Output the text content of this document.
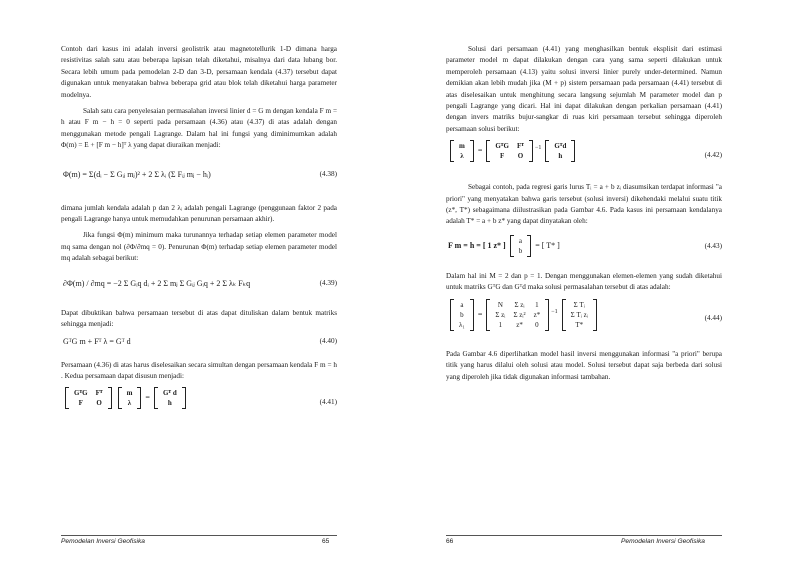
Contoh dari kasus ini adalah inversi geolistrik atau magnetotellurik 1-D dimana harga resistivitas salah satu atau beberapa lapisan telah diketahui, misalnya dari data lubang bor. Secara lebih umum pada pemodelan 2-D dan 3-D, persamaan kendala (4.37) tersebut dapat digunakan untuk menyatakan bahwa beberapa grid atau blok telah diketahui harga parameter modelnya.

Salah satu cara penyelesaian permasalahan inversi linier d = G m dengan kendala F m = h atau F m − h = 0 seperti pada persamaan (4.36) atau (4.37) di atas adalah dengan menggunakan metode pengali Lagrange. Dalam hal ini fungsi yang diminimumkan adalah Φ(m) = E + [F m − h]ᵀ λ yang dapat diuraikan menjadi:

Φ(m) = Σ(dᵢ − Σ Gᵢⱼ mⱼ)² + 2 Σ λᵢ (Σ Fᵢⱼ mⱼ − hᵢ)	(4.38)

dimana jumlah kendala adalah p dan 2 λᵢ adalah pengali Lagrange (penggunaan faktor 2 pada pengali Lagrange hanya untuk memudahkan penurunan persamaan akhir).

Jika fungsi Φ(m) minimum maka turunannya terhadap setiap elemen parameter model mq sama dengan nol (∂Φ/∂mq = 0). Penurunan Φ(m) terhadap setiap elemen parameter model mq adalah sebagai berikut:

∂Φ(m) / ∂mq = −2 Σ Gᵢq dᵢ + 2 Σ mⱼ Σ Gᵢⱼ Gᵢq + 2 Σ λₖ Fₖq	(4.39)

Dapat dibuktikan bahwa persamaan tersebut di atas dapat dituliskan dalam bentuk matriks sehingga menjadi:

GᵀG m + Fᵀ λ = Gᵀ d	(4.40)

Persamaan (4.36) di atas harus diselesaikan secara simultan dengan persamaan kendala F m = h . Kedua persamaan dapat disusun menjadi:

GᵀG	Fᵀ
F	O

m
λ
= Gᵀ d
h	(4.41)
Pemodelan Inversi Geofisika	65

Solusi dari persamaan (4.41) yang menghasilkan bentuk eksplisit dari estimasi parameter model m dapat dilakukan dengan cara yang sama seperti dilakukan untuk memperoleh persamaan (4.13) yaitu solusi inversi linier purely under-determined. Namun demikian akan lebih mudah jika (M + p) sistem persamaan pada persamaan (4.41) tersebut di atas diselesaikan untuk menghitung secara langsung sejumlah M parameter model dan p pengali Lagrange yang dicari. Hal ini dapat dilakukan dengan perkalian persamaan (4.41) dengan invers matriks bujur-sangkar di ruas kiri persamaan tersebut sehingga diperoleh persamaan solusi berikut:

m
λ
= GᵀG	Fᵀ
F	O
$^{-1}$ Gᵀd
h	(4.42)

Sebagai contoh, pada regresi garis lurus Tᵢ = a + b zᵢ diasumsikan terdapat informasi "a priori" yang menyatakan bahwa garis tersebut (solusi inversi) dikehendaki melalui suatu titik (z*, T*) sebagaimana diilustrasikan pada Gambar 4.6. Pada kasus ini persamaan kendalanya adalah T* = a + b z* yang dapat dinyatakan oleh:

F m = h = [ 1 z* ] a
b
= [ T* ]	(4.43)

Dalam hal ini M = 2 dan p = 1. Dengan menggunakan elemen-elemen yang sudah diketahui untuk matriks GᵀG dan Gᵀd maka solusi permasalahan tersebut di atas adalah:

a
b
λ₁
=
N	Σ zᵢ	1
Σ zᵢ	Σ zᵢ²	z*
1	z*	0
$^{-1}$
Σ Tᵢ
Σ Tᵢ zᵢ
T*
(4.44)

Pada Gambar 4.6 diperlihatkan model hasil inversi menggunakan informasi "a priori" berupa titik yang harus dilalui oleh solusi atau model. Solusi tersebut dapat saja berbeda dari solusi yang diperoleh jika tidak digunakan informasi tambahan.

66	Pemodelan Inversi Geofisika
